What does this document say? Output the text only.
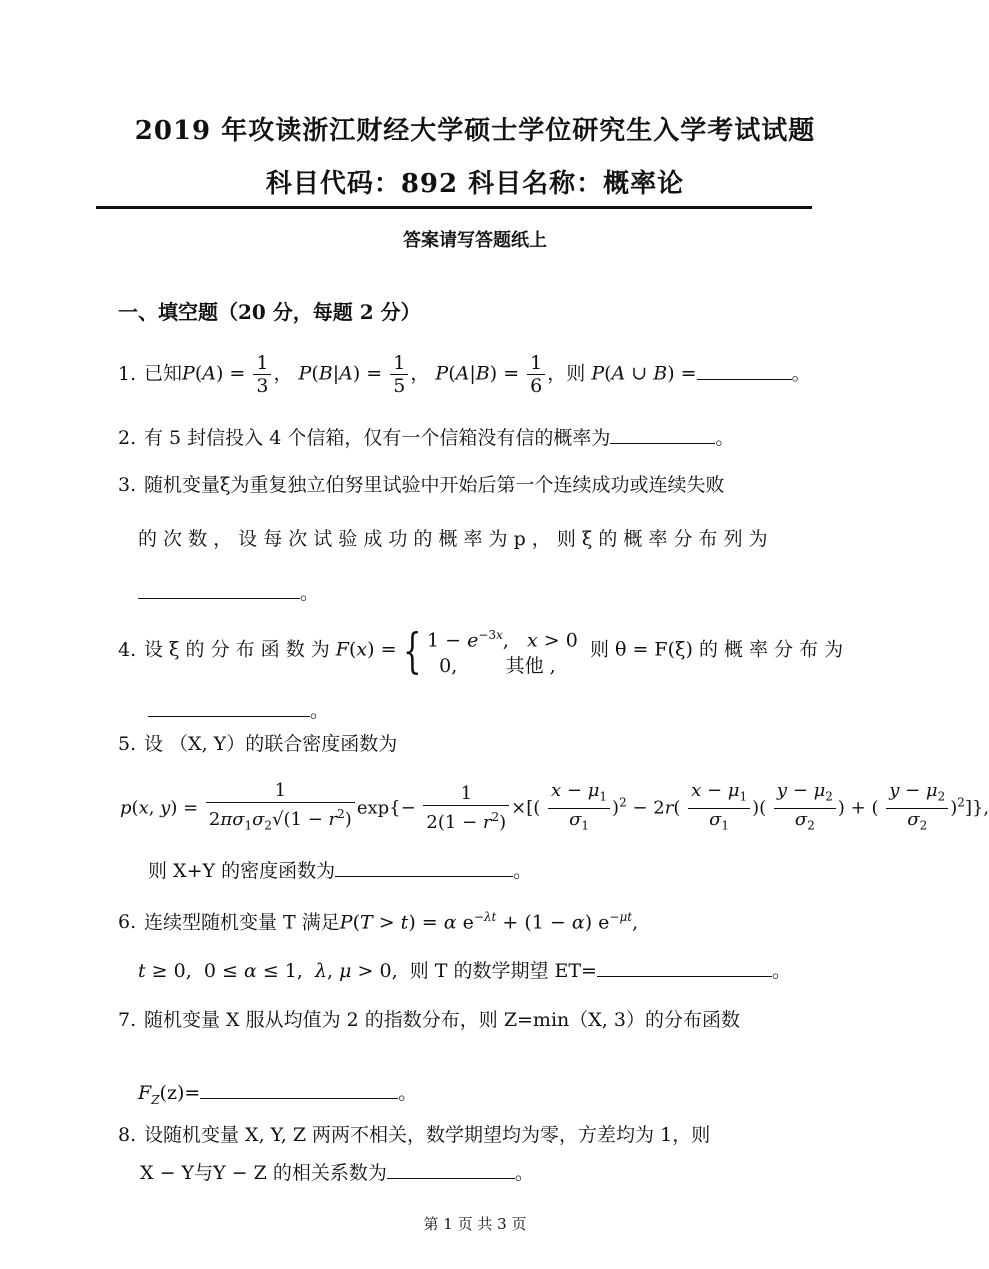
2019 年攻读浙江财经大学硕士学位研究生入学考试试题
科目代码：892 科目名称：概率论
答案请写答题纸上
一、填空题（20 分，每题 2 分）
1. 已知$P(A) = \frac{1}{3}$ ， $P(B|A) = \frac{1}{5}$ ， $P(A|B) = \frac{1}{6}$ ，则 P(A ∪ B) =	。
2. 有 5 封信投入 4 个信箱，仅有一个信箱没有信的概率为	。
3. 随机变量ξ为重复独立伯努里试验中开始后第一个连续成功或连续失败
的 次 数 ， 设 每 次 试 验 成 功 的 概 率 为 p ， 则 ξ 的 概 率 分 布 列 为
。
4. 设 ξ 的 分 布 函 数 为 F(x) = { $1 - e^{-3x}$,   x > 0
0,        其他 ,  则 θ = F(ξ) 的 概 率 分 布 为
。
5. 设 （X, Y）的联合密度函数为
p(x, $y) = \frac{1}{2\pi\sigma_1\sigma_2√(1 - r^2)} \exp\{- \frac{1}{2(1 - r^2)}$ ×[( $\frac{x - \mu_1}{\sigma_1} )^2 - 2r( \frac{x - \mu_1}{\sigma_1}$ )( $\frac{y - \mu_2}{\sigma_2}$ ) + ( $\frac{y - \mu_2}{\sigma_2} )^2$]},
则 X+Y 的密度函数为	。
6. 连续型随机变量 T 满足P(T > t) = α $e^{-\lambda t} + (1 - \alpha)$ $e^{-\mu t}$,
t ≥ 0,  0 ≤ α ≤ 1,  λ, μ > 0,  则 T 的数学期望 ET=	。
7. 随机变量 X 服从均值为 2 的指数分布，则 Z=min（X, 3）的分布函数
$F_Z(z)=$	。
8. 设随机变量 X, Y, Z 两两不相关，数学期望均为零，方差均为 1，则
X − Y与Y − Z 的相关系数为	。
第 1 页 共 3 页
